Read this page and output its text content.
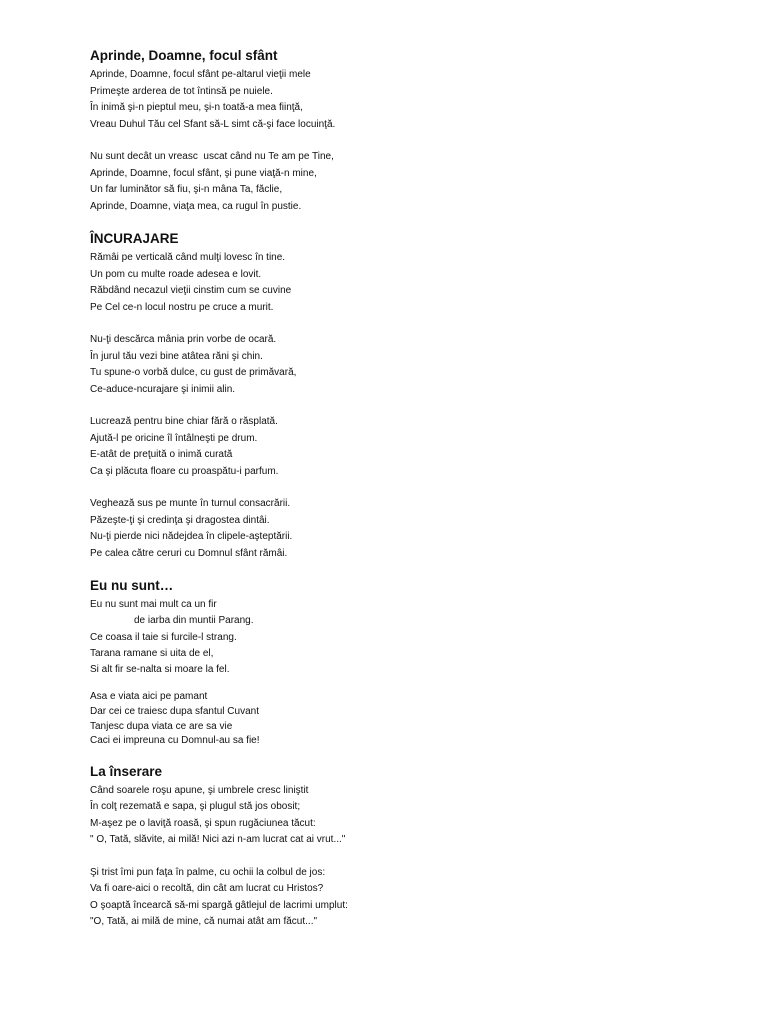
Aprinde, Doamne, focul sfânt
Aprinde, Doamne, focul sfânt pe-altarul vieţii mele
Primeşte arderea de tot întinsă pe nuiele.
În inimă şi-n pieptul meu, şi-n toată-a mea fiinţă,
Vreau Duhul Tău cel Sfant să-L simt că-şi face locuinţă.
Nu sunt decât un vreasc  uscat când nu Te am pe Tine,
Aprinde, Doamne, focul sfânt, şi pune viaţă-n mine,
Un far luminător să fiu, şi-n mâna Ta, făclie,
Aprinde, Doamne, viaţa mea, ca rugul în pustie.
ÎNCURAJARE
Rămâi pe verticală când mulţi lovesc în tine.
Un pom cu multe roade adesea e lovit.
Răbdând necazul vieţii cinstim cum se cuvine
Pe Cel ce-n locul nostru pe cruce a murit.
Nu-ţi descărca mânia prin vorbe de ocară.
În jurul tău vezi bine atâtea răni şi chin.
Tu spune-o vorbă dulce, cu gust de primăvară,
Ce-aduce-ncurajare şi inimii alin.
Lucrează pentru bine chiar fără o răsplată.
Ajută-l pe oricine îl întâlneşti pe drum.
E-atât de preţuită o inimă curată
Ca şi plăcuta floare cu proaspătu-i parfum.
Veghează sus pe munte în turnul consacrării.
Păzeşte-ţi şi credinţa şi dragostea dintâi.
Nu-ţi pierde nici nădejdea în clipele-aşteptării.
Pe calea către ceruri cu Domnul sfânt rămâi.
Eu nu sunt…
Eu nu sunt mai mult ca un fir
de iarba din muntii Parang.
Ce coasa il taie si furcile-l strang.
Tarana ramane si uita de el,
Si alt fir se-nalta si moare la fel.
Asa e viata aici pe pamant
Dar cei ce traiesc dupa sfantul Cuvant
Tanjesc dupa viata ce are sa vie
Caci ei impreuna cu Domnul-au sa fie!
La înserare
Când soarele roşu apune, şi umbrele cresc liniştit
În colţ rezemată e sapa, şi plugul stă jos obosit;
M-aşez pe o laviţă roasă, şi spun rugăciunea tăcut:
" O, Tată, slăvite, ai milă! Nici azi n-am lucrat cat ai vrut..."
Şi trist îmi pun faţa în palme, cu ochii la colbul de jos:
Va fi oare-aici o recoltă, din cât am lucrat cu Hristos?
O şoaptă încearcă să-mi spargă gâtlejul de lacrimi umplut:
"O, Tată, ai milă de mine, că numai atât am făcut..."
